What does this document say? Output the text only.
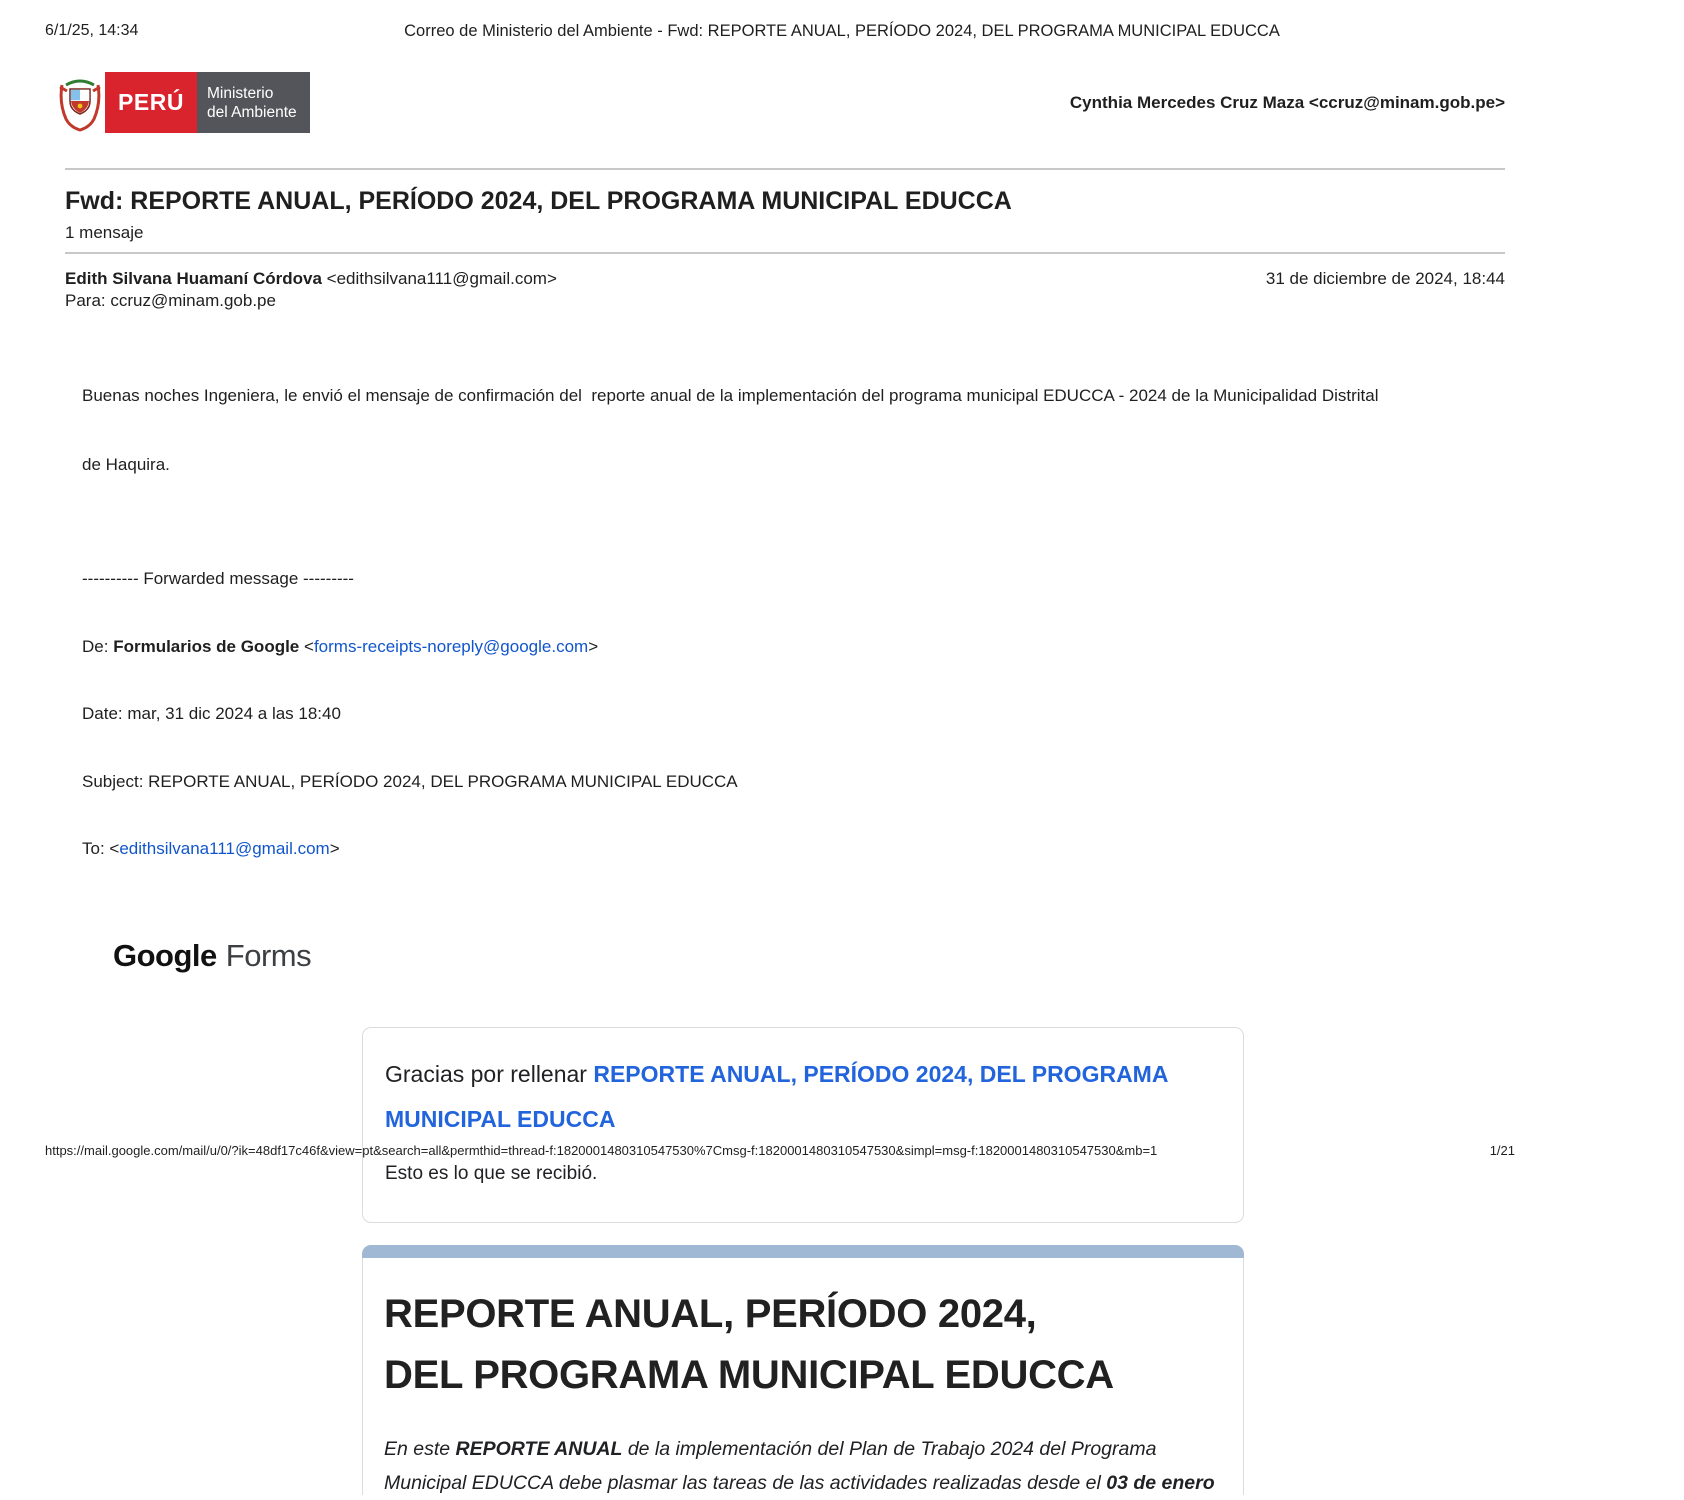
6/1/25, 14:34	Correo de Ministerio del Ambiente - Fwd: REPORTE ANUAL, PERÍODO 2024, DEL PROGRAMA MUNICIPAL EDUCCA
PERÚ	Ministerio
del Ambiente
Cynthia Mercedes Cruz Maza <ccruz@minam.gob.pe>
Fwd: REPORTE ANUAL, PERÍODO 2024, DEL PROGRAMA MUNICIPAL EDUCCA
1 mensaje
Edith Silvana Huamaní Córdova <edithsilvana111@gmail.com>
Para: ccruz@minam.gob.pe
31 de diciembre de 2024, 18:44

Buenas noches Ingeniera, le envió el mensaje de confirmación del  reporte anual de la implementación del programa municipal EDUCCA - 2024 de la Municipalidad Distrital

de Haquira.

---------- Forwarded message ---------

De: Formularios de Google <forms-receipts-noreply@google.com>

Date: mar, 31 dic 2024 a las 18:40

Subject: REPORTE ANUAL, PERÍODO 2024, DEL PROGRAMA MUNICIPAL EDUCCA

To: <edithsilvana111@gmail.com>

Google Forms
Gracias por rellenar REPORTE ANUAL, PERÍODO 2024, DEL PROGRAMA MUNICIPAL EDUCCA
Esto es lo que se recibió.
REPORTE ANUAL, PERÍODO 2024,
DEL PROGRAMA MUNICIPAL EDUCCA
En este REPORTE ANUAL de la implementación del Plan de Trabajo 2024 del Programa Municipal EDUCCA debe plasmar las tareas de las actividades realizadas desde el 03 de enero
https://mail.google.com/mail/u/0/?ik=48df17c46f&view=pt&search=all&permthid=thread-f:1820001480310547530%7Cmsg-f:1820001480310547530&simpl=msg-f:1820001480310547530&mb=1	1/21
